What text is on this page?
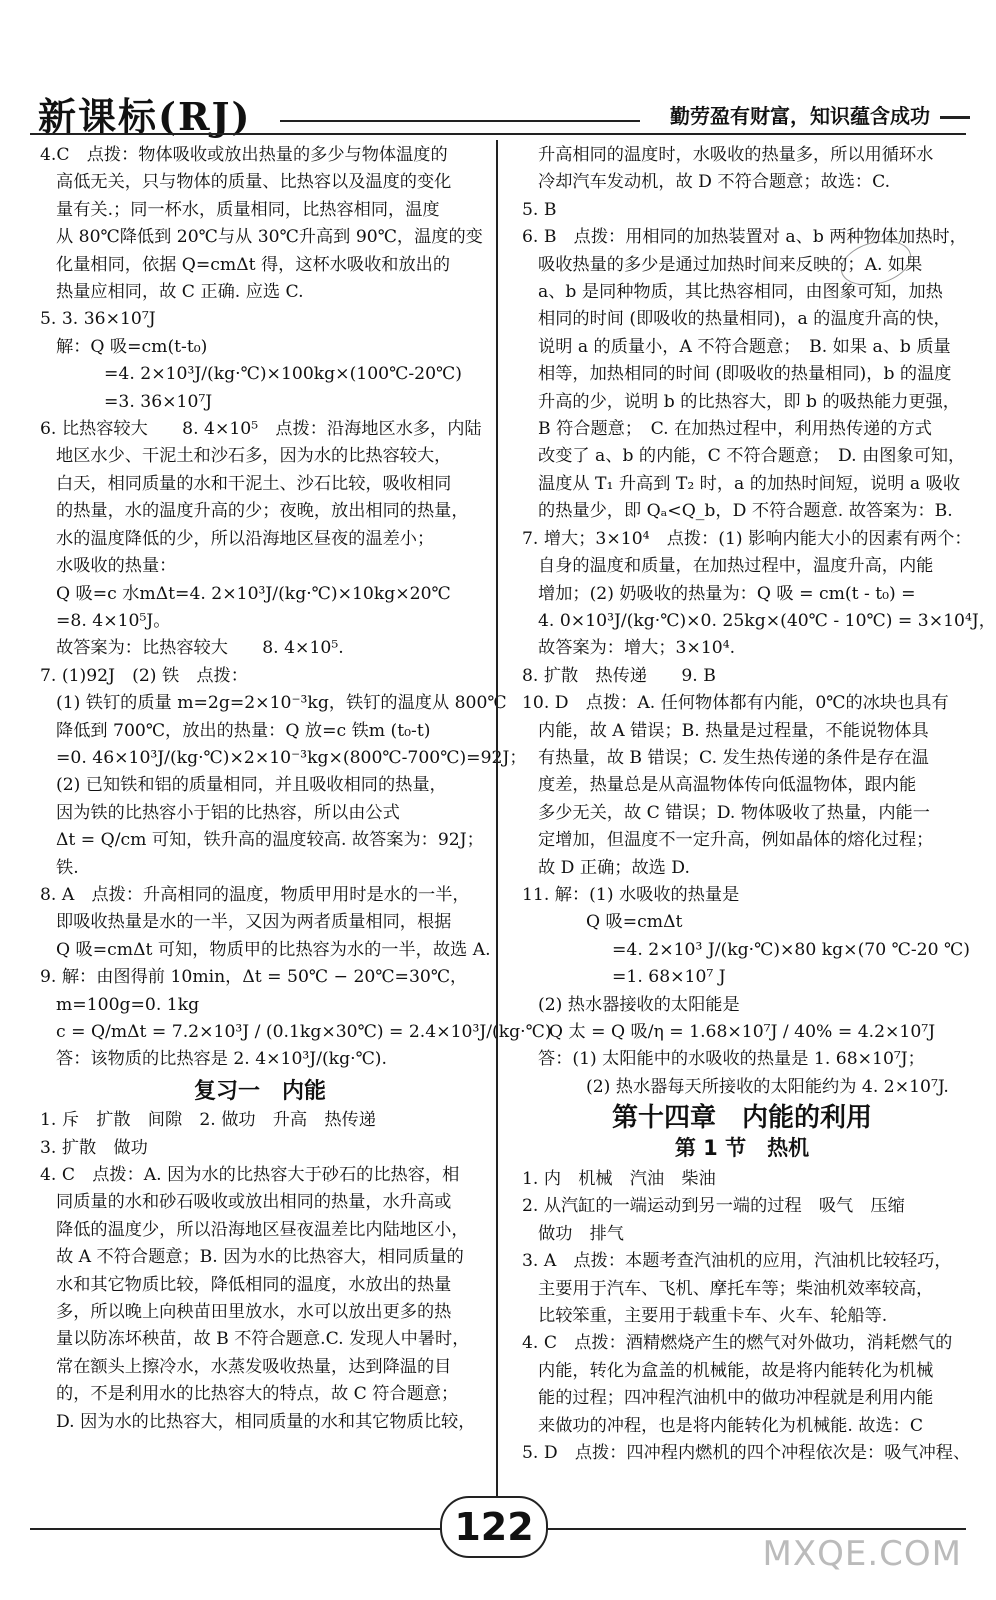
新课标(RJ)	勤劳盈有财富，知识蕴含成功

4.C　点拨：物体吸收或放出热量的多少与物体温度的

高低无关，只与物体的质量、比热容以及温度的变化

量有关.；同一杯水，质量相同，比热容相同，温度

从 80℃降低到 20℃与从 30℃升高到 90℃，温度的变

化量相同，依据 Q=cmΔt 得，这杯水吸收和放出的

热量应相同，故 C 正确. 应选 C.

5. 3. 36×10⁷J

解：Q 吸=cm(t-t₀)

=4. 2×10³J/(kg·℃)×100kg×(100℃-20℃)

=3. 36×10⁷J

6. 比热容较大　　8. 4×10⁵　点拨：沿海地区水多，内陆

地区水少、干泥土和沙石多，因为水的比热容较大，

白天，相同质量的水和干泥土、沙石比较，吸收相同

的热量，水的温度升高的少；夜晚，放出相同的热量，

水的温度降低的少，所以沿海地区昼夜的温差小；

水吸收的热量：

Q 吸=c 水mΔt=4. 2×10³J/(kg·℃)×10kg×20℃

=8. 4×10⁵J。

故答案为：比热容较大　　8. 4×10⁵.

7. (1)92J　(2) 铁　点拨：

(1) 铁钉的质量 m=2g=2×10⁻³kg，铁钉的温度从 800℃

降低到 700℃，放出的热量：Q 放=c 铁m (t₀-t)

=0. 46×10³J/(kg·℃)×2×10⁻³kg×(800℃-700℃)=92J；

(2) 已知铁和铝的质量相同，并且吸收相同的热量，

因为铁的比热容小于铝的比热容，所以由公式

Δt = Q/cm 可知，铁升高的温度较高. 故答案为：92J；

铁.

8. A　点拨：升高相同的温度，物质甲用时是水的一半，

即吸收热量是水的一半，又因为两者质量相同，根据

Q 吸=cmΔt 可知，物质甲的比热容为水的一半，故选 A.

9. 解：由图得前 10min，Δt = 50℃ − 20℃=30℃，

m=100g=0. 1kg

c = Q/mΔt = 7.2×10³J / (0.1kg×30℃) = 2.4×10³J/(kg·℃)

答：该物质的比热容是 2. 4×10³J/(kg·℃).

复习一　内能

1. 斥　扩散　间隙　2. 做功　升高　热传递

3. 扩散　做功

4. C　点拨：A. 因为水的比热容大于砂石的比热容，相

同质量的水和砂石吸收或放出相同的热量，水升高或

降低的温度少，所以沿海地区昼夜温差比内陆地区小，

故 A 不符合题意；B. 因为水的比热容大，相同质量的

水和其它物质比较，降低相同的温度，水放出的热量

多，所以晚上向秧苗田里放水，水可以放出更多的热

量以防冻坏秧苗，故 B 不符合题意.C. 发现人中暑时，

常在额头上擦冷水，水蒸发吸收热量，达到降温的目

的，不是利用水的比热容大的特点，故 C 符合题意；

D. 因为水的比热容大，相同质量的水和其它物质比较，

升高相同的温度时，水吸收的热量多，所以用循环水

冷却汽车发动机，故 D 不符合题意；故选：C.

5. B

6. B　点拨：用相同的加热装置对 a、b 两种物体加热时，

吸收热量的多少是通过加热时间来反映的；A. 如果

a、b 是同种物质，其比热容相同，由图象可知，加热

相同的时间 (即吸收的热量相同)，a 的温度升高的快，

说明 a 的质量小，A 不符合题意；　B. 如果 a、b 质量

相等，加热相同的时间 (即吸收的热量相同)，b 的温度

升高的少，说明 b 的比热容大，即 b 的吸热能力更强，

B 符合题意；　C. 在加热过程中，利用热传递的方式

改变了 a、b 的内能，C 不符合题意；　D. 由图象可知，

温度从 T₁ 升高到 T₂ 时，a 的加热时间短，说明 a 吸收

的热量少，即 Qₐ<Q_b，D 不符合题意. 故答案为：B.

7. 增大；3×10⁴　点拨：(1) 影响内能大小的因素有两个：

自身的温度和质量，在加热过程中，温度升高，内能

增加；(2) 奶吸收的热量为：Q 吸 = cm(t - t₀) =

4. 0×10³J/(kg·℃)×0. 25kg×(40℃ - 10℃) = 3×10⁴J，

故答案为：增大；3×10⁴.

8. 扩散　热传递　　9. B

10. D　点拨：A. 任何物体都有内能，0℃的冰块也具有

内能，故 A 错误；B. 热量是过程量，不能说物体具

有热量，故 B 错误；C. 发生热传递的条件是存在温

度差，热量总是从高温物体传向低温物体，跟内能

多少无关，故 C 错误；D. 物体吸收了热量，内能一

定增加，但温度不一定升高，例如晶体的熔化过程；

故 D 正确；故选 D.

11. 解：(1) 水吸收的热量是

Q 吸=cmΔt

=4. 2×10³ J/(kg·℃)×80 kg×(70 ℃-20 ℃)

=1. 68×10⁷ J

(2) 热水器接收的太阳能是

Q 太 = Q 吸/η = 1.68×10⁷J / 40% = 4.2×10⁷J

答：(1) 太阳能中的水吸收的热量是 1. 68×10⁷J；

(2) 热水器每天所接收的太阳能约为 4. 2×10⁷J.

第十四章　内能的利用

第 1 节　热机

1. 内　机械　汽油　柴油

2. 从汽缸的一端运动到另一端的过程　吸气　压缩

做功　排气

3. A　点拨：本题考查汽油机的应用，汽油机比较轻巧，

主要用于汽车、飞机、摩托车等；柴油机效率较高，

比较笨重，主要用于载重卡车、火车、轮船等.

4. C　点拨：酒精燃烧产生的燃气对外做功，消耗燃气的

内能，转化为盒盖的机械能，故是将内能转化为机械

能的过程；四冲程汽油机中的做功冲程就是利用内能

来做功的冲程，也是将内能转化为机械能. 故选：C

5. D　点拨：四冲程内燃机的四个冲程依次是：吸气冲程、

122
MXQE.COM
